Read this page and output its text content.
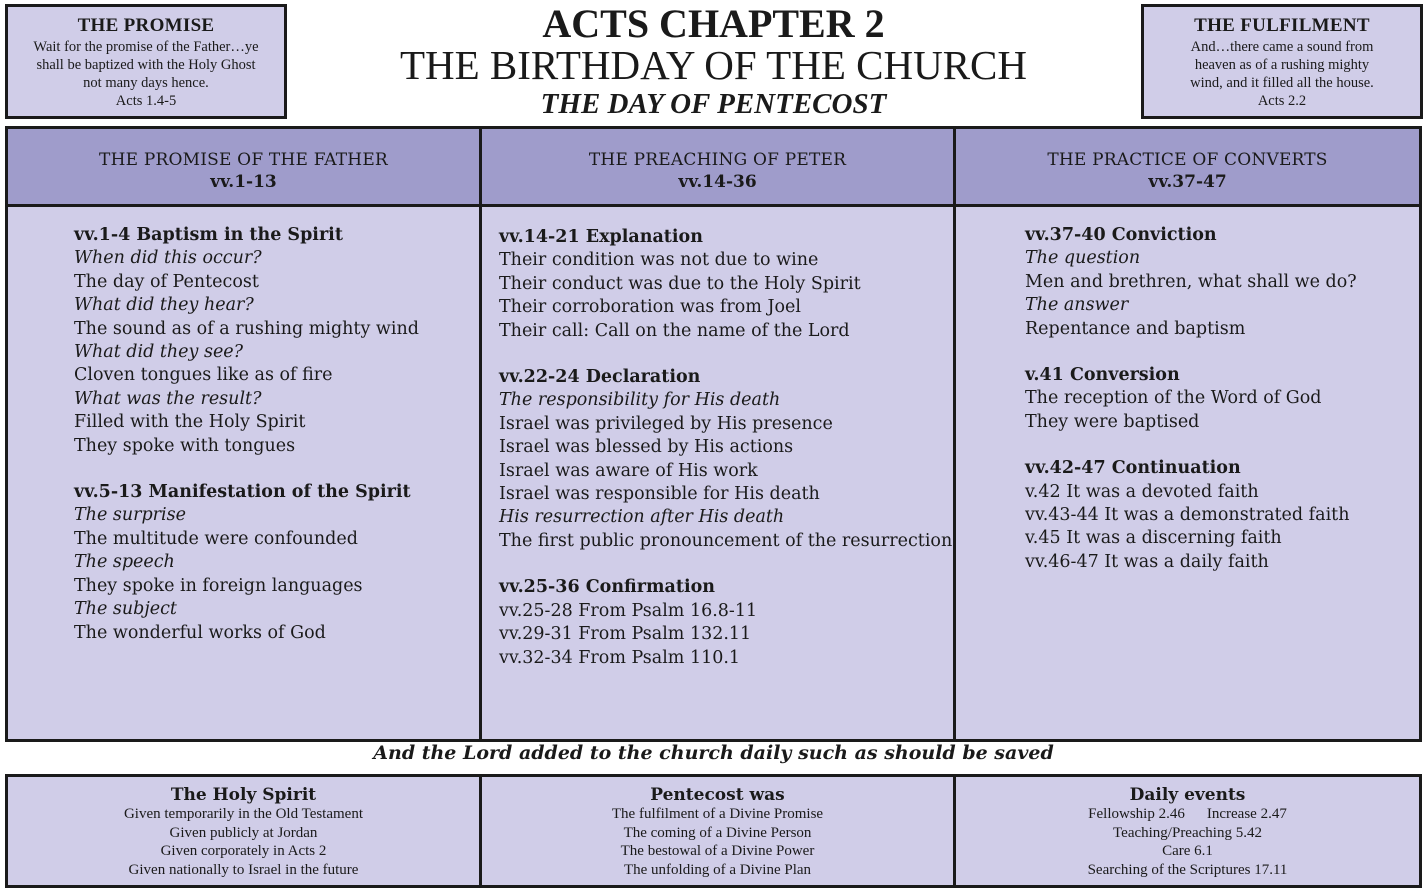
THE PROMISE
Wait for the promise of the Father…ye
shall be baptized with the Holy Ghost
not many days hence.
Acts 1.4-5
THE FULFILMENT
And…there came a sound from
heaven as of a rushing mighty
wind, and it filled all the house.
Acts 2.2
ACTS CHAPTER 2
THE BIRTHDAY OF THE CHURCH
THE DAY OF PENTECOST
THE PROMISE OF THE FATHER
vv.1-13
vv.1-4 Baptism in the Spirit
When did this occur?
The day of Pentecost
What did they hear?
The sound as of a rushing mighty wind
What did they see?
Cloven tongues like as of fire
What was the result?
Filled with the Holy Spirit
They spoke with tongues
vv.5-13 Manifestation of the Spirit
The surprise
The multitude were confounded
The speech
They spoke in foreign languages
The subject
The wonderful works of God
THE PREACHING OF PETER
vv.14-36
vv.14-21 Explanation
Their condition was not due to wine
Their conduct was due to the Holy Spirit
Their corroboration was from Joel
Their call: Call on the name of the Lord
vv.22-24 Declaration
The responsibility for His death
Israel was privileged by His presence
Israel was blessed by His actions
Israel was aware of His work
Israel was responsible for His death
His resurrection after His death
The first public pronouncement of the resurrection
vv.25-36 Confirmation
vv.25-28 From Psalm 16.8-11
vv.29-31 From Psalm 132.11
vv.32-34 From Psalm 110.1
THE PRACTICE OF CONVERTS
vv.37-47
vv.37-40 Conviction
The question
Men and brethren, what shall we do?
The answer
Repentance and baptism
v.41 Conversion
The reception of the Word of God
They were baptised
vv.42-47 Continuation
v.42 It was a devoted faith
vv.43-44 It was a demonstrated faith
v.45 It was a discerning faith
vv.46-47 It was a daily faith
And the Lord added to the church daily such as should be saved
The Holy Spirit
Given temporarily in the Old Testament
Given publicly at Jordan
Given corporately in Acts 2
Given nationally to Israel in the future
Pentecost was
The fulfilment of a Divine Promise
The coming of a Divine Person
The bestowal of a Divine Power
The unfolding of a Divine Plan
Daily events
Fellowship 2.46 Increase 2.47
Teaching/Preaching 5.42
Care 6.1
Searching of the Scriptures 17.11
